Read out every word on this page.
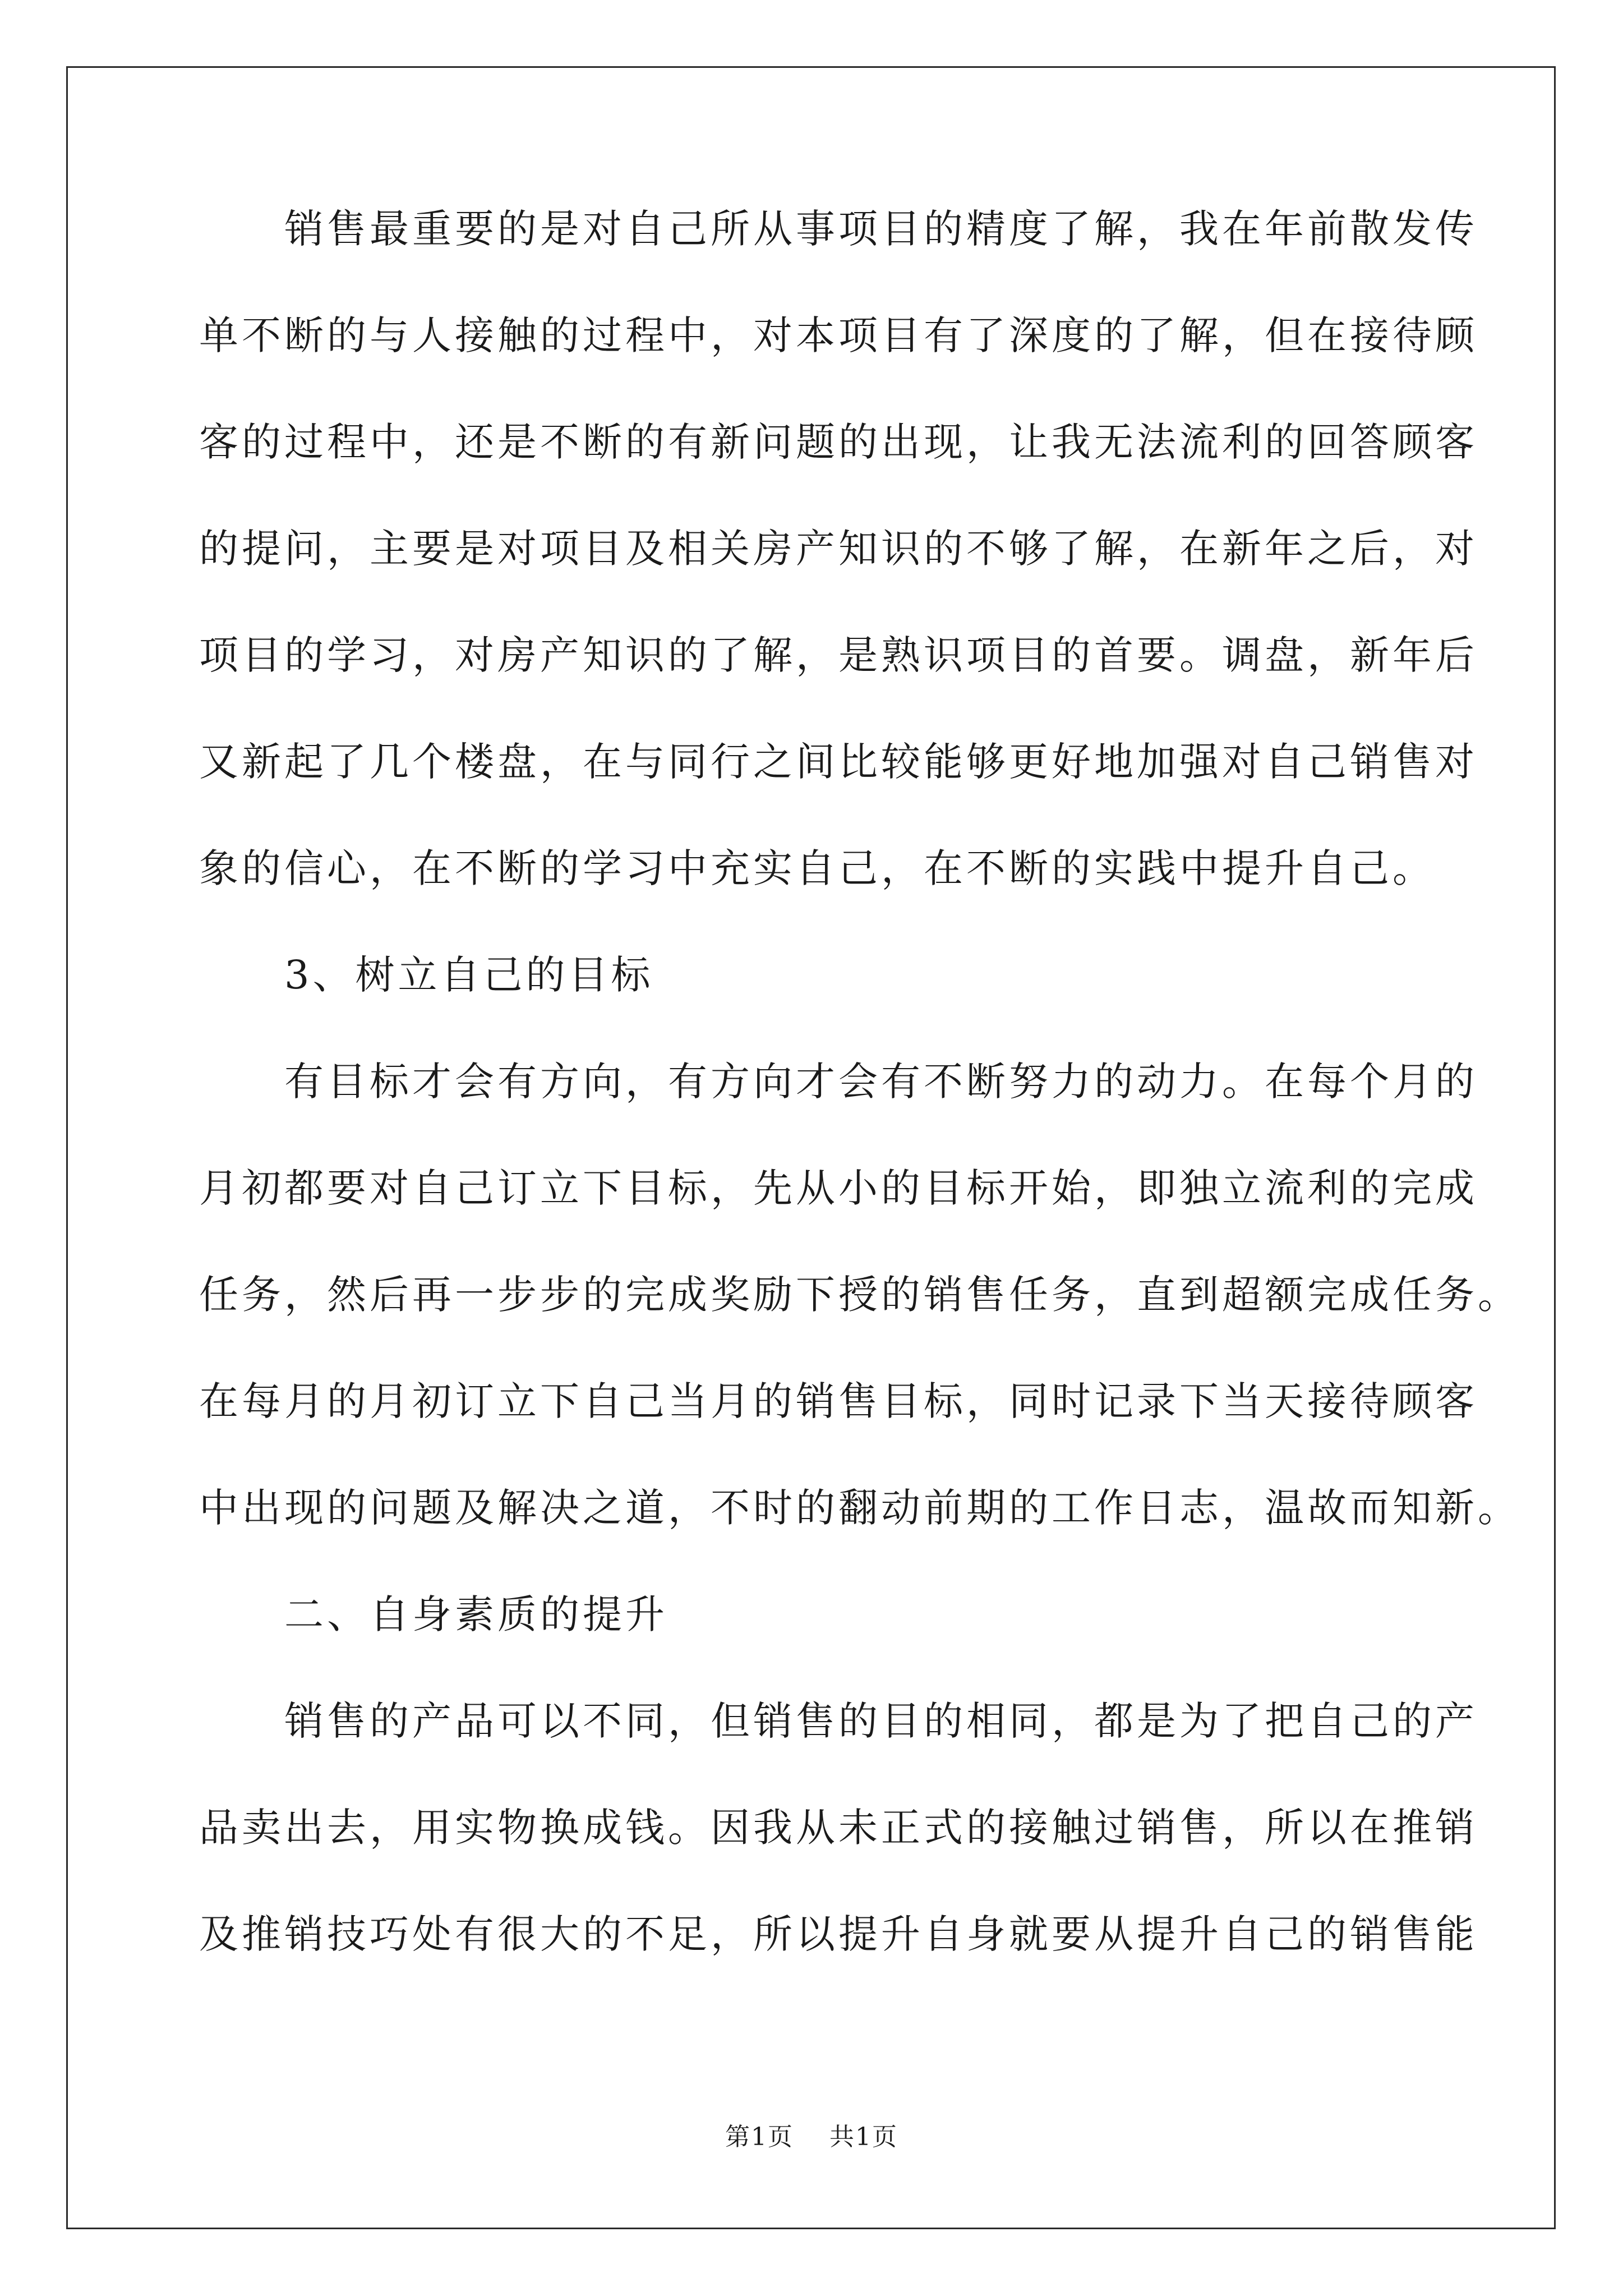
　　销售最重要的是对自己所从事项目的精度了解，我在年前散发传
单不断的与人接触的过程中，对本项目有了深度的了解，但在接待顾
客的过程中，还是不断的有新问题的出现，让我无法流利的回答顾客
的提问，主要是对项目及相关房产知识的不够了解，在新年之后，对
项目的学习，对房产知识的了解，是熟识项目的首要。调盘，新年后
又新起了几个楼盘，在与同行之间比较能够更好地加强对自己销售对
象的信心，在不断的学习中充实自己，在不断的实践中提升自己。
　　3、树立自己的目标
　　有目标才会有方向，有方向才会有不断努力的动力。在每个月的
月初都要对自己订立下目标，先从小的目标开始，即独立流利的完成
任务，然后再一步步的完成奖励下授的销售任务，直到超额完成任务。
在每月的月初订立下自己当月的销售目标，同时记录下当天接待顾客
中出现的问题及解决之道，不时的翻动前期的工作日志，温故而知新。
　　二、自身素质的提升
　　销售的产品可以不同，但销售的目的相同，都是为了把自己的产
品卖出去，用实物换成钱。因我从未正式的接触过销售，所以在推销
及推销技巧处有很大的不足，所以提升自身就要从提升自己的销售能
第1页 共1页
